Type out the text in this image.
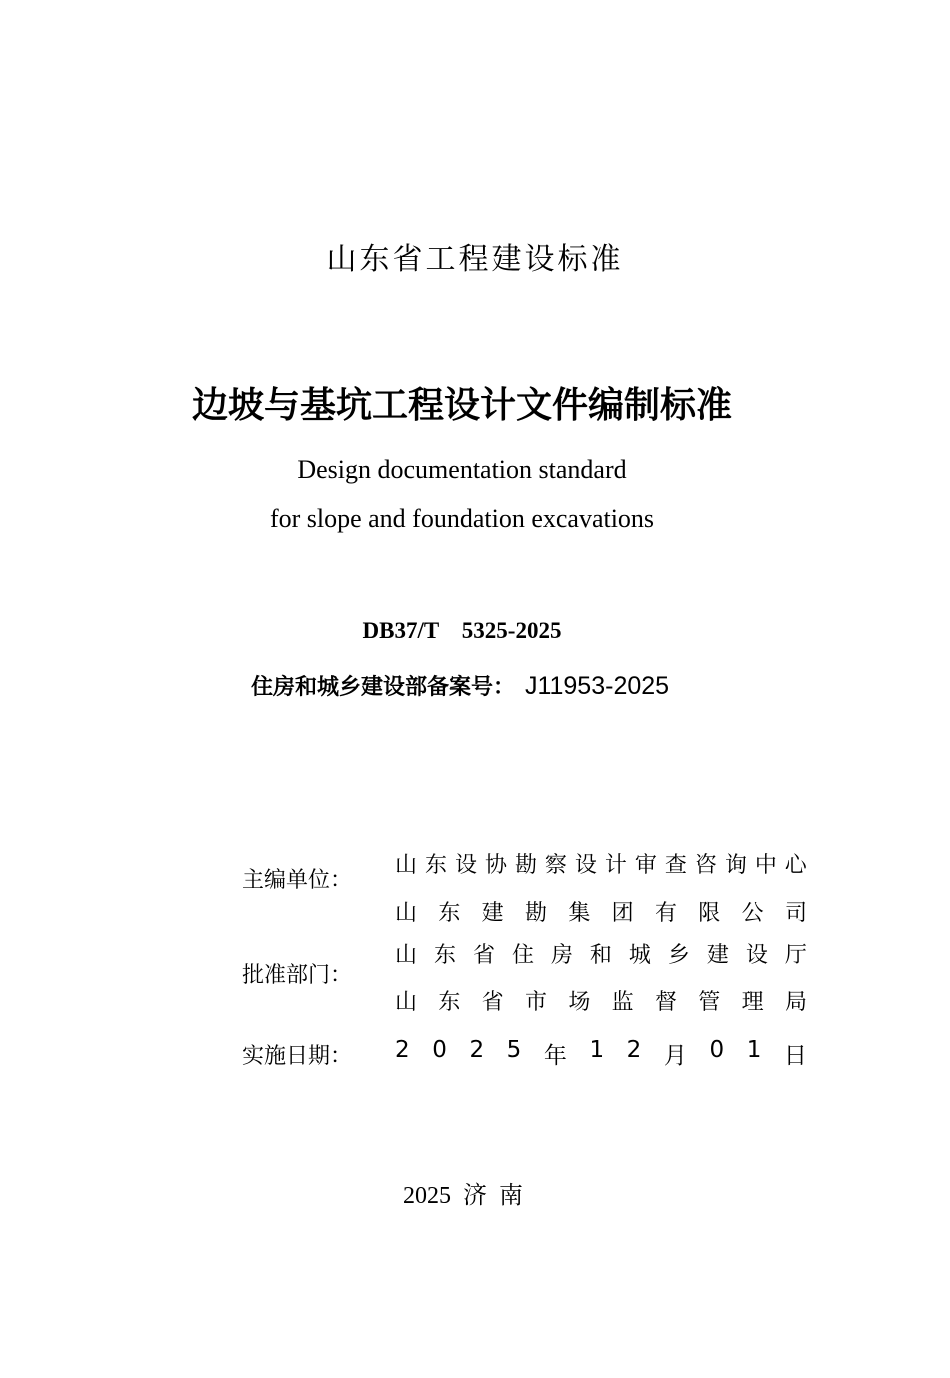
山东省工程建设标准
边坡与基坑工程设计文件编制标准
Design documentation standard
for slope and foundation excavations
DB37/T　5325-2025
住房和城乡建设部备案号： J11953-2025
主编单位：
山 东 设 协 勘 察 设 计 审 查 咨 询 中 心
山 东 建 勘 集 团 有 限 公 司
批准部门：
山 东 省 住 房 和 城 乡 建 设 厅
山 东 省 市 场 监 督 管 理 局
实施日期： 2 0 2 5 年 1 2 月 0 1 日
2025 济 南
